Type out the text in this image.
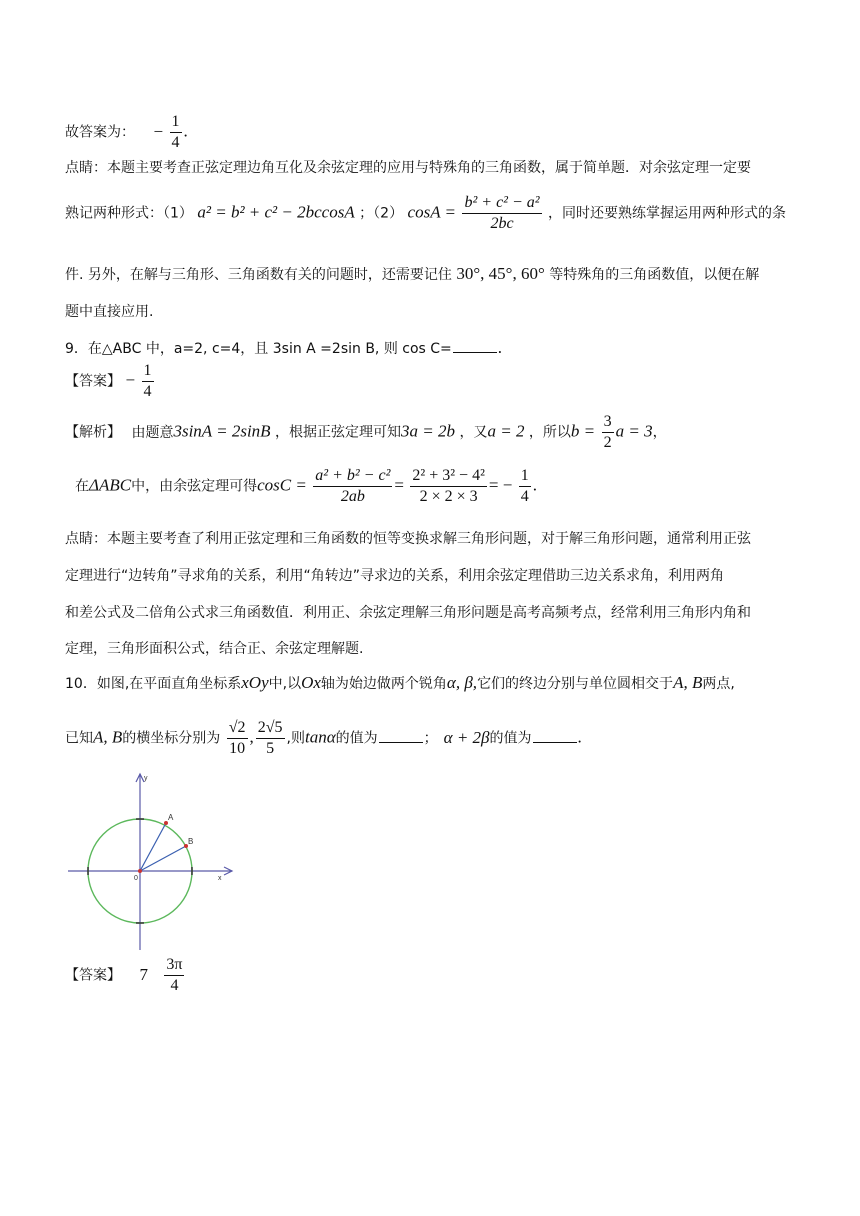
故答案为： − $\frac{1}{4}$ .
点睛：本题主要考查正弦定理边角互化及余弦定理的应用与特殊角的三角函数，属于简单题．对余弦定理一定要
熟记两种形式：（1） a² = b² + c² − 2bccosA ；（2） $\cos A = \frac{\text{b² + c² − a²}}{2bc}$ ，同时还要熟练掌握运用两种形式的条
件. 另外，在解与三角形、三角函数有关的问题时，还需要记住 30°, 45°, 60° 等特殊角的三角函数值，以便在解
题中直接应用.
9．在△ABC 中，a=2, c=4，且 3sin A =2sin B, 则 cos C=	.
【答案】 − $\frac{1}{4}$
【解析】 由题意3sinA = 2sinB ，根据正弦定理可知3a = 2b ，又a = 2 ，所以$b = \frac{3}{2}$ a = 3，
在ΔABC中，由余弦定理可得$\cos C = \frac{\text{a² + b² − c²}}{2ab} = \frac{\text{2² + 3² − 4²}}{2 \times 2 \times 3}$ = − $\frac{1}{4}$ .
点睛：本题主要考查了利用正弦定理和三角函数的恒等变换求解三角形问题，对于解三角形问题，通常利用正弦
定理进行“边转角”寻求角的关系，利用“角转边”寻求边的关系，利用余弦定理借助三边关系求角，利用两角
和差公式及二倍角公式求三角函数值．利用正、余弦定理解三角形问题是高考高频考点，经常利用三角形内角和
定理，三角形面积公式，结合正、余弦定理解题.
10．如图,在平面直角坐标系xOy中,以Ox轴为始边做两个锐角α, β,它们的终边分别与单位圆相交于A, B两点,
已知A, B的横坐标分别为 $\frac{√2}{10}$ , $\frac{2√5}{5}$ ,则tanα的值为	； α + 2β的值为	.
A
B
0	x
y
【答案】 $7 \frac{3\pi}{4}$
